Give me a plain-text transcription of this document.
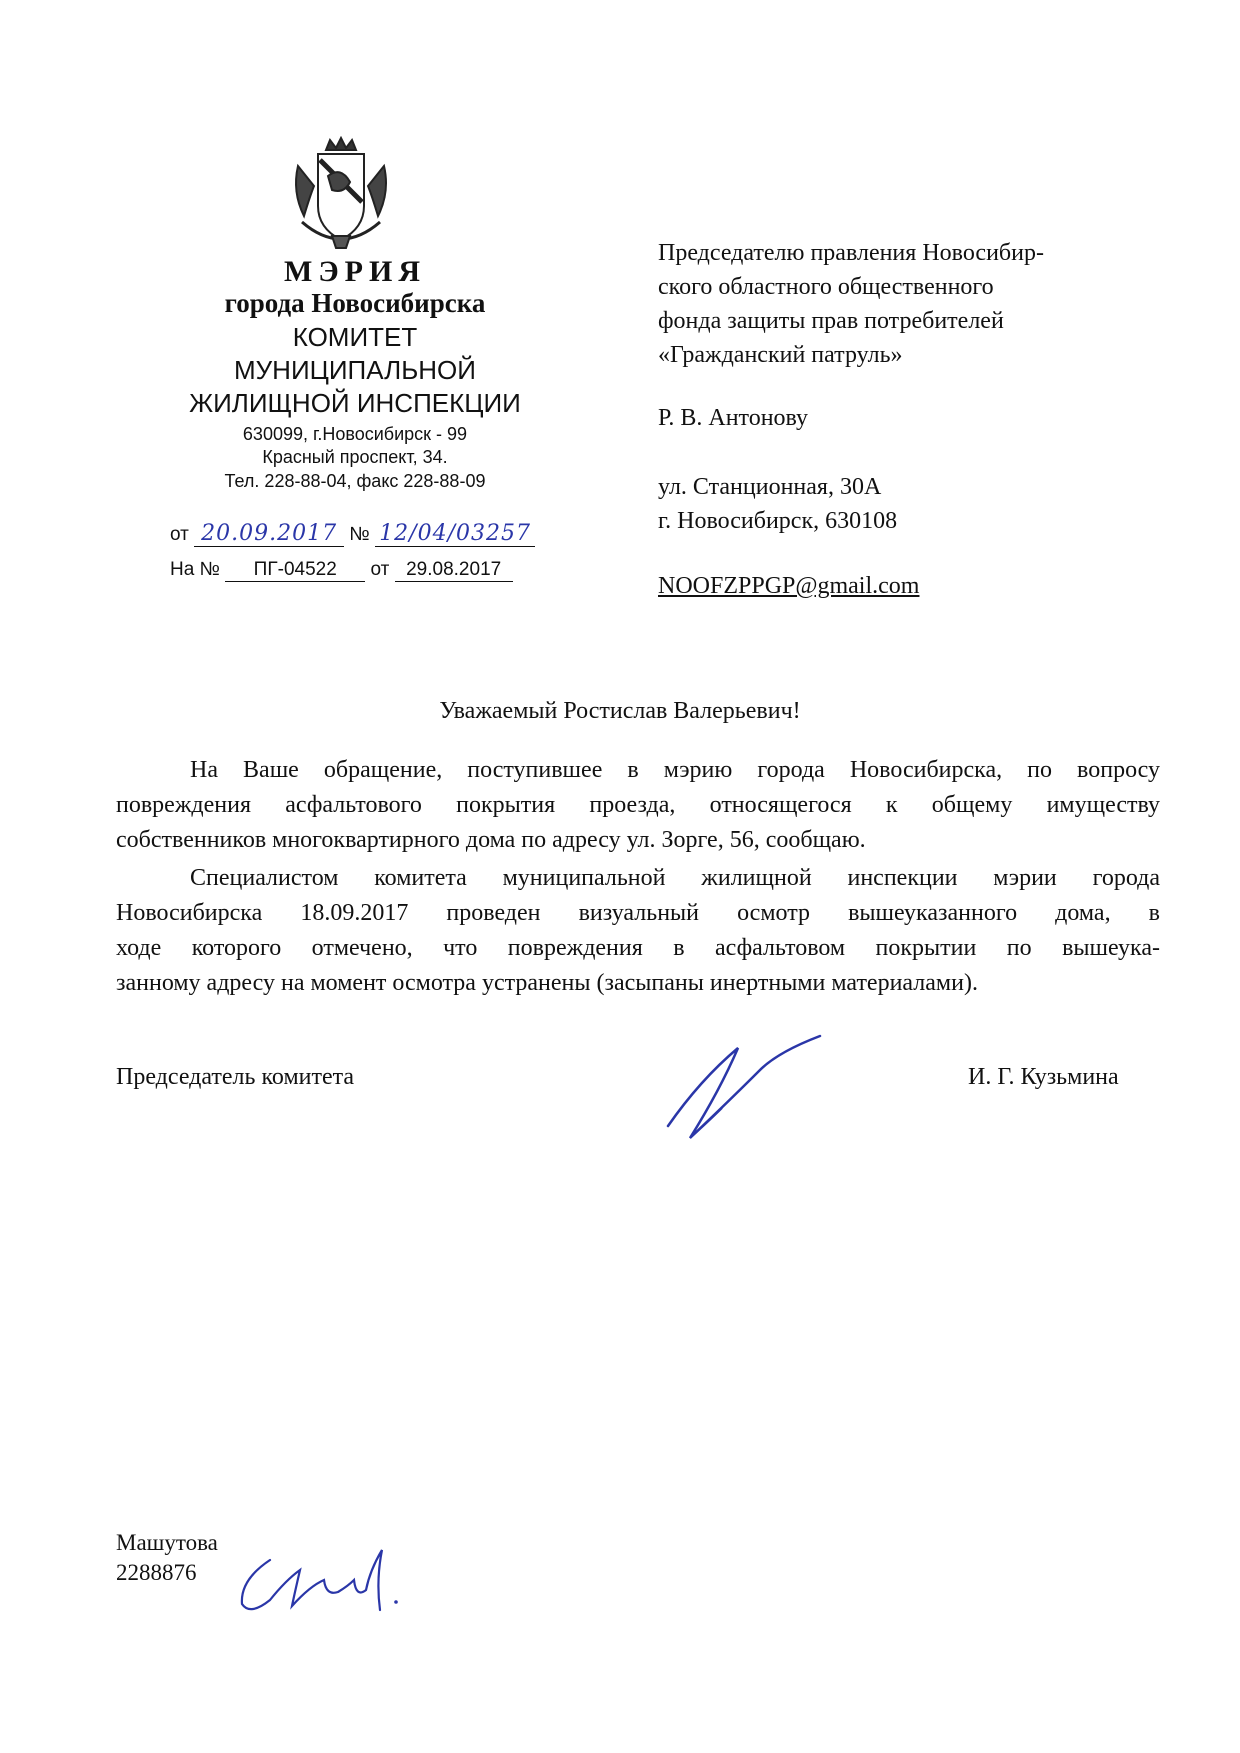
МЭРИЯ
города Новосибирска
КОМИТЕТ
МУНИЦИПАЛЬНОЙ
ЖИЛИЩНОЙ ИНСПЕКЦИИ
630099, г.Новосибирск - 99
Красный проспект, 34.
Тел. 228-88-04, факс 228-88-09
от 20.09.2017 № 12/04/03257
На № ПГ-04522 от 29.08.2017
Председателю правления Новосибир-
ского областного общественного
фонда защиты прав потребителей
«Гражданский патруль»
Р. В. Антонову
ул. Станционная, 30А
г. Новосибирск, 630108
NOOFZPPGP@gmail.com
Уважаемый Ростислав Валерьевич!
На Ваше обращение, поступившее в мэрию города Новосибирска, по вопросу
повреждения асфальтового покрытия проезда, относящегося к общему имуществу
собственников многоквартирного дома по адресу ул. Зорге, 56, сообщаю.
Специалистом комитета муниципальной жилищной инспекции мэрии города
Новосибирска 18.09.2017 проведен визуальный осмотр вышеуказанного дома, в
ходе которого отмечено, что повреждения в асфальтовом покрытии по вышеука-
занному адресу на момент осмотра устранены (засыпаны инертными материалами).
Председатель комитета	И. Г. Кузьмина
Машутова
2288876
